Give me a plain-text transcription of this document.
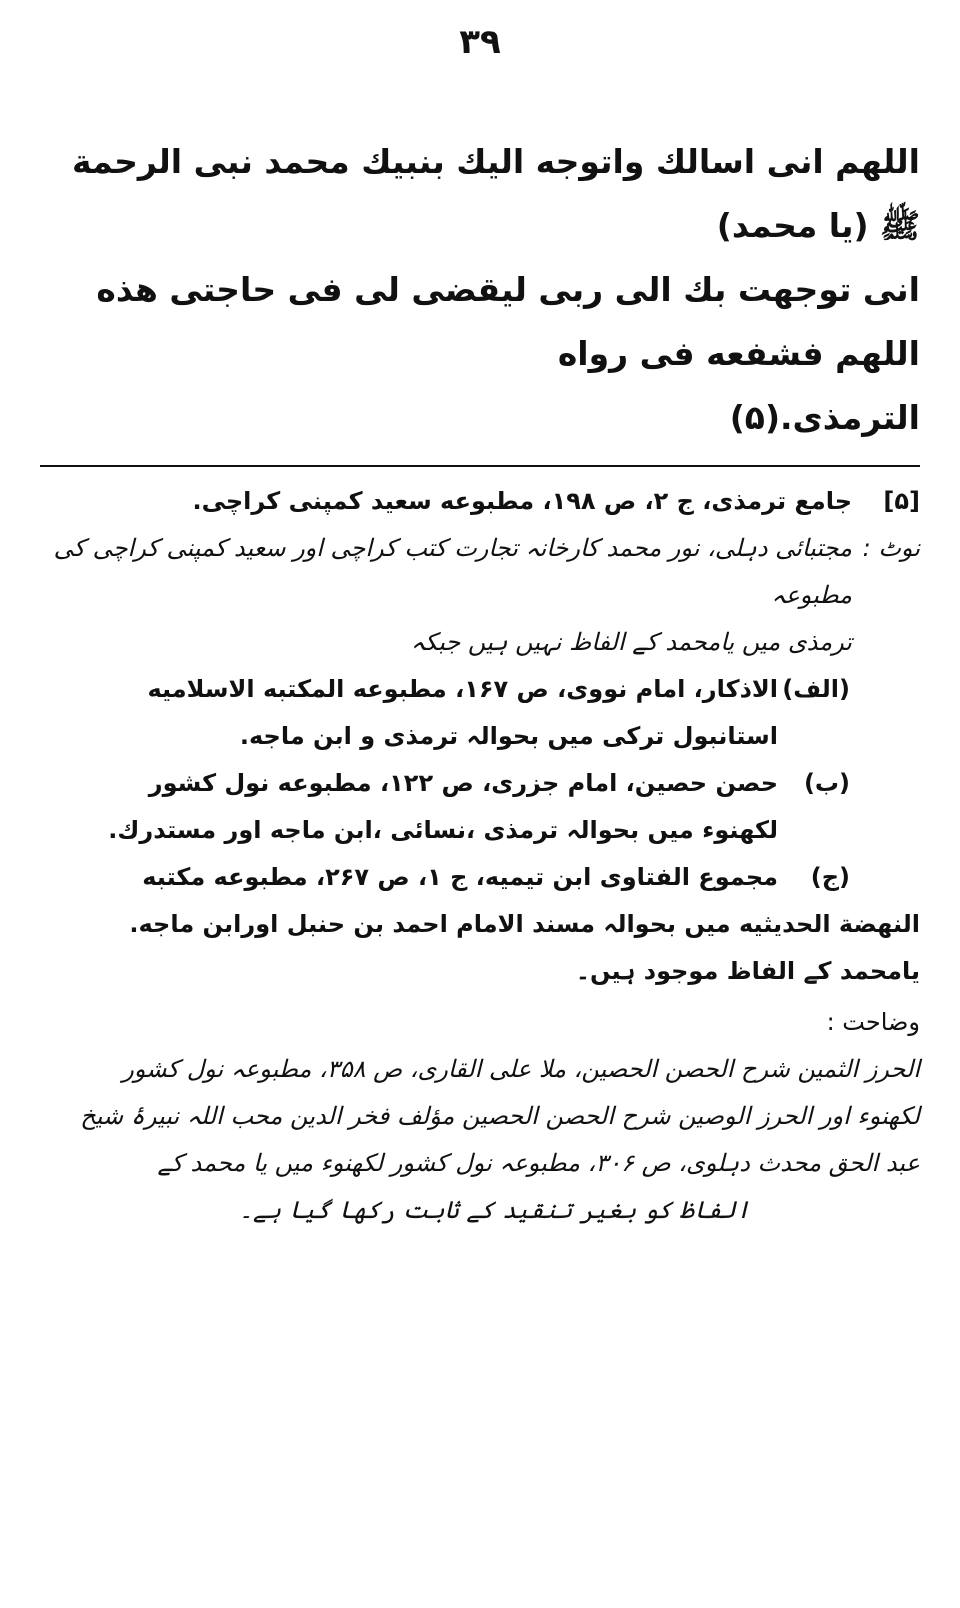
۳۹

اللهم انی اسالك واتوجه اليك بنبيك محمد نبی الرحمة ﷺ (يا محمد)

انی توجهت بك الی ربی ليقضی لی فی حاجتی هذه اللهم فشفعه فی رواه

الترمذی.(۵)

[۵]

جامع ترمذی، ج ۲، ص ۱۹۸، مطبوعه سعید کمپنی کراچی.

نوٹ :

مجتبائی دہلی، نور محمد کارخانہ تجارت کتب کراچی اور سعید کمپنی کراچی کی مطبوعہ

ترمذی میں یامحمد کے الفاظ نہیں ہیں جبکہ

(الف)

الاذکار، امام نووی، ص ۱۶۷، مطبوعه المکتبه الاسلامیه

استانبول ترکی میں بحوالہ ترمذی و ابن ماجه.

(ب)

حصن حصین، امام جزری، ص ۱۲۲، مطبوعه نول کشور

لکھنوء میں بحوالہ ترمذی ،نسائی ،ابن ماجه اور مستدرك.

(ج)

مجموع الفتاوی ابن تیمیه، ج ۱، ص ۲۶۷، مطبوعه مکتبه

النهضة الحدیثیه میں بحوالہ مسند الامام احمد بن حنبل اورابن ماجه.

یامحمد کے الفاظ موجود ہیں۔

وضاحت :

الحرز الثمین شرح الحصن الحصین، ملا علی القاری، ص ۳۵۸، مطبوعہ نول کشور

لکھنوء اور الحرز الوصین شرح الحصن الحصین مؤلف فخر الدین محب اللہ نبیرۂ شیخ

عبد الحق محدث دہلوی، ص ۳۰۶، مطبوعہ نول کشور لکھنوء میں یا محمد کے

الفاظ کو بغیر تنقید کے ثابت رکھا گیا ہے۔
